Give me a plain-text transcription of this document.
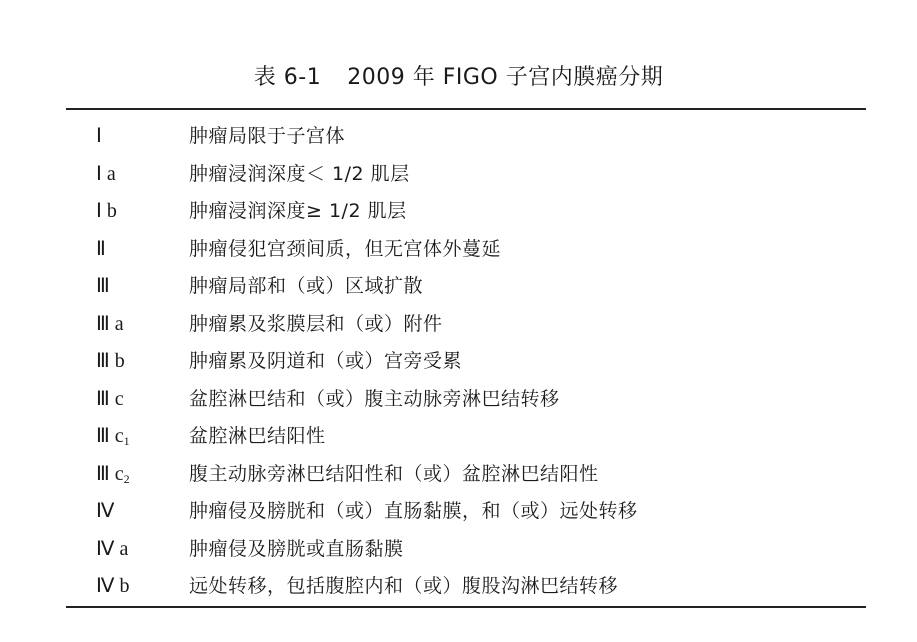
表 6-1 2009 年 FIGO 子宫内膜癌分期
Ⅰ	肿瘤局限于子宫体
Ⅰ a	肿瘤浸润深度＜ 1/2 肌层
Ⅰ b	肿瘤浸润深度≥ 1/2 肌层
Ⅱ	肿瘤侵犯宫颈间质，但无宫体外蔓延
Ⅲ	肿瘤局部和（或）区域扩散
Ⅲ a	肿瘤累及浆膜层和（或）附件
Ⅲ b	肿瘤累及阴道和（或）宫旁受累
Ⅲ c	盆腔淋巴结和（或）腹主动脉旁淋巴结转移
Ⅲ $c_1$	盆腔淋巴结阳性
Ⅲ $c_2$	腹主动脉旁淋巴结阳性和（或）盆腔淋巴结阳性
Ⅳ	肿瘤侵及膀胱和（或）直肠黏膜，和（或）远处转移
Ⅳ a	肿瘤侵及膀胱或直肠黏膜
Ⅳ b	远处转移，包括腹腔内和（或）腹股沟淋巴结转移
